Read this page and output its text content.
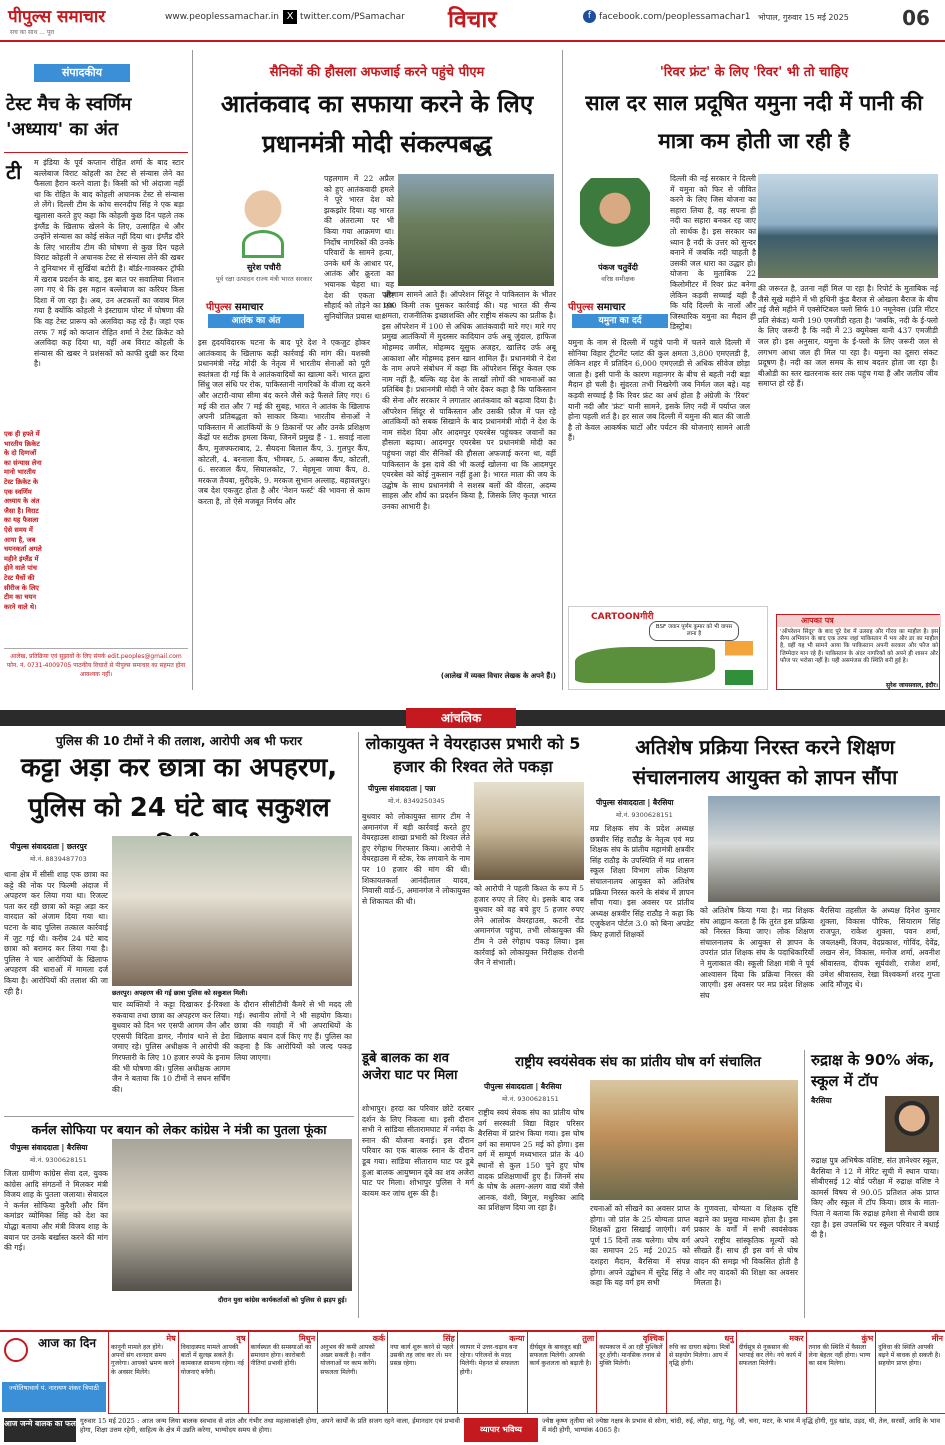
पीपुल्स समाचार
सच का साथ ... पूरा
www.peoplessamachar.in X twitter.com/PSamachar विचार	f facebook.com/peoplessamachar1 भोपाल, गुरुवार 15 मई 2025	06
संपादकीय
टेस्ट मैच के स्वर्णिम 'अध्याय' का अंत
टी	म इंडिया के पूर्व कप्तान रोहित शर्मा के बाद स्टार बल्लेबाज विराट कोहली का टेस्ट से संन्यास लेने का फैसला हैरान करने वाला है। किसी को भी अंदाजा नहीं था कि रोहित के बाद कोहली अचानक टेस्ट से संन्यास ले लेंगे। दिल्ली टीम के कोच सरनदीप सिंह ने एक बड़ा खुलासा करते हुए कहा कि कोहली कुछ दिन पहले तक इंग्लैंड के खिलाफ खेलने के लिए, उत्साहित थे और उन्होंने संन्यास का कोई संकेत नहीं दिया था। इंग्लैंड दौरे के लिए भारतीय टीम की घोषणा से कुछ दिन पहले विराट कोहली ने अचानक टेस्ट से संन्यास लेने की खबर ने दुनियाभर में सुर्खियां बटोरी है। बॉर्डर-गावस्कर ट्रॉफी में खराब प्रदर्शन के बाद, इस बात पर सवालिया निशान लग गए थे कि इस महान बल्लेबाज का करियर किस दिशा में जा रहा है। अब, उन अटकलों का जवाब मिल गया है क्योंकि कोहली ने इंस्टाग्राम पोस्ट में घोषणा की कि वह टेस्ट प्रारूप को अलविदा कह रहे हैं। जहां एक तरफ 7 मई को कप्तान रोहित शर्मा ने टेस्ट क्रिकेट को अलविदा कह दिया था, वहीं अब विराट कोहली के संन्यास की खबर ने प्रशंसकों को काफी दुखी कर दिया है।
आलेख, प्रतिक्रिया एवं सुझावों के लिए संपर्क edit.peoples@gmail.com फोन. नं. 0731-4009705 पाठकीय विचारों से पीपुल्स समाचार का सहमत होना आवश्यक नहीं।
एक ही हफ्ते में भारतीय क्रिकेट के दो दिग्गजों का संन्यास लेना मानो भारतीय टेस्ट क्रिकेट के एक स्वर्णिम अध्याय के अंत जैसा है। विराट का यह फैसला ऐसे समय में आया है, जब चयनकर्ता अगले महीने इंग्लैंड में होने वाले पांच टेस्ट मैचों की सीरीज के लिए टीम का चयन करने वाले थे।
सैनिकों की हौसला अफजाई करने पहुंचे पीएम
आतंकवाद का सफाया करने के लिए प्रधानमंत्री मोदी संकल्पबद्ध
सुरेश पचौरी
पूर्व रक्षा उत्पादन राज्य मंत्री भारत सरकार
पीपुल्स समाचार
आतंक का अंत
पहलगाम में 22 अप्रैल को हुए आतंकवादी हमले ने पूरे भारत देश को झकझोर दिया। यह भारत की अंतरात्मा पर भी किया गया आक्रमण था। निर्दोष नागरिकों की उनके परिवारों के सामने हत्या, उनके धर्म के आधार पर, आतंक और क्रूरता का भयानक चेहरा था। यह देश की एकता और सौहार्द को तोड़ने का एक सुनियोजित प्रयास था।
इस हृदयविदारक घटना के बाद पूरे देश ने एकजुट होकर आतंकवाद के खिलाफ कड़ी कार्रवाई की मांग की। यशस्वी प्रधानमंत्री नरेंद्र मोदी के नेतृत्व में भारतीय सेनाओं को पूरी स्वतंत्रता दी गई कि वे आतंकवादियों का खात्मा करें। भारत द्वारा सिंधु जल संधि पर रोक, पाकिस्तानी नागरिकों के वीजा रद्द करने और अटारी-वाघा सीमा बंद करने जैसे कड़े फैसले लिए गए। 6 मई की रात और 7 मई की सुबह, भारत ने आतंक के खिलाफ अपनी प्रतिबद्धता को साकार किया। भारतीय सेनाओं ने पाकिस्तान में आतंकियों के 9 ठिकानों पर और उनके प्रशिक्षण केंद्रों पर सटीक हमला किया, जिनमें प्रमुख हैं - 1. सवाई नाला कैंप, मुजफ्फराबाद, 2. सैयदना बिलाल कैंप, 3. गुलपुर कैंप, कोटली, 4. बरनाला कैंप, भीमबर, 5. अब्बास कैंप, कोटली, 6. सरजाल कैंप, सियालकोट, 7. मेहमूना जाया कैंप, 8. मरकज तैयबा, मुरीदके, 9. मरकज सुभान अल्लाह, बहावलपुर। जब देश एकजुट होता है और 'नेशन फर्स्ट' की भावना से काम करता है, तो ऐसे मजबूत निर्णय और
परिणाम सामने आते हैं। ऑपरेशन सिंदूर ने पाकिस्तान के भीतर 100 किमी तक घुसकर कार्रवाई की। यह भारत की सैन्य क्षमता, राजनीतिक इच्छाशक्ति और राष्ट्रीय संकल्प का प्रतीक है। इस ऑपरेशन में 100 से अधिक आतंकवादी मारे गए। मारे गए प्रमुख आतंकियों में मुदस्सर कादियान उर्फ अबू जुंदाल, हाफिज मोहम्मद जमील, मोहम्मद यूसुफ अजहर, खालिद उर्फ अबू आकाशा और मोहम्मद हसन खान शामिल हैं। प्रधानमंत्री ने देश के नाम अपने संबोधन में कहा कि ऑपरेशन सिंदूर केवल एक नाम नहीं है, बल्कि यह देश के लाखों लोगों की भावनाओं का प्रतिबिंब है। प्रधानमंत्री मोदी ने जोर देकर कहा है कि पाकिस्तान की सेना और सरकार ने लगातार आतंकवाद को बढ़ावा दिया है। ऑपरेशन सिंदूर से पाकिस्तान और उसकी फ़ौज में पल रहे आतंकियों को सबक सिखाने के बाद प्रधानमंत्री मोदी ने देश के नाम संदेश दिया और आदमपुर एयरबेस पहुंचकर जवानों का हौसला बढ़ाया। आदमपुर एयरबेस पर प्रधानमंत्री मोदी का पहुंचना जहां वीर सैनिकों की हौसला अफजाई करना था, वहीं पाकिस्तान के इस दावे की भी कलई खोलना था कि आदमपुर एयरबेस को कोई नुकसान नहीं हुआ है। भारत माता की जय के उद्घोष के साथ प्रधानमंत्री ने सशस्त्र बलों की वीरता, अदम्य साहस और शौर्य का प्रदर्शन किया है, जिसके लिए कृतज्ञ भारत उनका आभारी है।
(आलेख में व्यक्त विचार लेखक के अपने हैं।)
'रिवर फ्रंट' के लिए 'रिवर' भी तो चाहिए
साल दर साल प्रदूषित यमुना नदी में पानी की मात्रा कम होती जा रही है
पंकज चतुर्वेदी
वरिष्ठ समीक्षक
पीपुल्स समाचार
यमुना का दर्द
दिल्ली की नई सरकार ने दिल्ली में यमुना को फिर से जीवित करने के लिए जिस योजना का सहारा लिया है, वह सपना ही नदी का सहारा बनकर रह जाए तो सार्थक है। इस सरकार का ध्यान है नदी के उत्तर को सुन्दर बनाने में जबकि नदी चाहती है उसकी जल धारा का उद्धार हो। योजना के मुताबिक 22 किलोमीटर में रिवर फ्रंट बनेगा लेकिन कड़वी सच्चाई यही है कि यदि दिल्ली के नालों और जिस्थारिक यमुना का मैदान ही डिस्ट्रोब।
यमुना के नाम से दिल्ली में पहुंचे पानी में चलने वाले दिल्ली में सोनिया विहार ट्रीटमेंट प्लांट की कुल क्षमता 3,800 एमएलडी है, लेकिन शहर में प्रतिदिन 6,000 एमएलडी से अधिक सीवेज छोड़ा जाता है। इसी पानी के कारण महानगर के बीच से बहती नदी बड़ा मैदान हो चली है। सुंदरता तभी निखरेगी जब निर्मल जल बहे। यह कड़वी सच्चाई है कि रिवर फ्रंट का अर्थ होता है अंग्रेजी के 'रिवर' यानी नदी और 'फ्रंट' यानी सामने, इसके लिए नदी में पर्याप्त जल होना पहली शर्त है। हर साल जब दिल्ली में यमुना की बात की जाती है तो केवल आकर्षक घाटों और पर्यटन की योजनाएं सामने आती हैं।
की जरूरत है, उतना नहीं मिल पा रहा है। रिपोर्ट के मुताबिक नई जैसे सूखे महीने में भी हथिनी कुंड बैराज से ओखला बैराज के बीच नई जैसे महीने में एक्सेप्टिबल फ्लो सिर्फ 10 नमूनेवस (प्रति मीटर प्रति सेकंड) यानी 190 एमजीडी रहता है। 'जबकि, नदी के ई-फ्लो के लिए जरूरी है कि नदी में 23 क्यूमेक्स यानी 437 एमजीडी जल हो। इस अनुसार, यमुना के ई-फ्लो के लिए जरूरी जल से लगभग आधा जल ही मिल पा रहा है। यमुना का दूसरा संकट प्रदूषण है। नदी का जल समय के साथ बदतर होता जा रहा है। बीओडी का स्तर खतरनाक स्तर तक पहुंच गया है और जलीय जीव समाप्त हो रहे हैं।
CARTOONगीरी
BSF जवान पूर्णम कुमार को भी वापस लाना है
आपका पत्र
'ऑपरेशन सिंदूर' के बाद पूरे देश में उत्साह और गौरव का माहौल है। इस सैन्य अभियान के बाद एक तरफ जहां पाकिस्तान में भय और डर का माहौल है, वहीं यह भी सामने आया कि पाकिस्तान अपनी सरकार और फौज को जिम्मेदार मान रहे हैं। पाकिस्तान के अंदर नागरिकों को अपने ही शासन और फौज पर भरोसा नहीं है। यही असमंजस की स्थिति बनी हुई है।
सुरेश जायसवाल, इंदौर।
आंचलिक
पुलिस की 10 टीमों ने की तलाश, आरोपी अब भी फरार
कट्टा अड़ा कर छात्रा का अपहरण, पुलिस को 24 घंटे बाद सकुशल
पीपुल्स संवाददाता | छतरपुर
मो.नं. 8839487703
थाना क्षेत्र में सीसी शाह एक छात्रा का कट्टे की नोक पर फिल्मी अंदाज में अपहरण कर लिया गया था। रिजल्ट पता कर रही छात्रा को कट्टा अड़ा कर वारदात को अंजाम दिया गया था। घटना के बाद पुलिस तत्काल कार्रवाई में जुट गई थी। करीब 24 घंटे बाद छात्रा को बरामद कर लिया गया है। पुलिस ने चार आरोपियों के खिलाफ अपहरण की धाराओं में मामला दर्ज किया है। आरोपियों की तलाश की जा रही है।	छतरपुर। अपहरण की गई छात्रा पुलिस को सकुशल मिली।
चार व्यक्तियों ने कट्टा दिखाकर ई-रिक्शा रुकवाया तथा छात्रा का अपहरण कर लिया। बुधवार को दिन भर एसपी आगम जैन और एएसपी विदिता डागर, नौगांव थाने से डेरा जमाए रहे। पुलिस अधीक्षक ने आरोपी की गिरफ्तारी के लिए 10 हजार रुपये के इनाम की भी घोषणा की। पुलिस अधीक्षक आगम जैन ने बताया कि 10 टीमों ने सघन सर्चिंग की।
के दौरान सीसीटीवी कैमरे से भी मदद ली गई। स्थानीय लोगों ने भी सहयोग किया। छात्रा की गवाही में भी अपराधियों के खिलाफ बयान दर्ज किए गए हैं। पुलिस का कहना है कि आरोपियों को जल्द पकड़ लिया जाएगा।
कर्नल सोफिया पर बयान को लेकर कांग्रेस ने मंत्री का पुतला फूंका
पीपुल्स संवाददाता | बैरसिया
मो.नं. 9300628151
जिला ग्रामीण कांग्रेस सेवा दल, युवक कांग्रेस आदि संगठनों ने मिलकर मंत्री विजय शाह के पुतला जलाया। सेवादल ने कर्नल सोफिया कुरैशी और विंग कमांडर व्योमिका सिंह को देश का योद्धा बताया और मंत्री विजय शाह के बयान पर उनके बर्खास्त करने की मांग की गई।
दौरान युवा कांग्रेस कार्यकर्ताओं को पुलिस से झड़प हुई।
लोकायुक्त ने वेयरहाउस प्रभारी को 5 हजार की रिश्वत लेते पकड़ा
पीपुल्स संवाददाता | पन्ना
मो.नं. 8349250345
बुधवार को लोकायुक्त सागर टीम ने अमानगंज में बड़ी कार्रवाई करते हुए वेयरहाउस शाखा प्रभारी को रिश्वत लेते हुए रंगेहाथ गिरफ्तार किया। आरोपी ने वेयरहाउस में स्टेक, रेक लगवाने के नाम पर 10 हजार की मांग की थी। शिकायतकर्ता आनंदीलाल यादव, निवासी वार्ड-5, अमानगंज ने लोकायुक्त से शिकायत की थी।
को आरोपी ने पहली किश्त के रूप में 5 हजार रुपए ले लिए थे। इसके बाद जब बुधवार को वह बचे हुए 5 हजार रुपए लेने आलोक वेयरहाउस, कटनी रोड अमानगंज पहुंचा, तभी लोकायुक्त की टीम ने उसे रंगेहाथ पकड़ लिया। इस कार्रवाई को लोकायुक्त निरीक्षक रोशनी जैन ने संभाली।
डूबे बालक का शव अजेरा घाट पर मिला
शोभापुर। हरदा का परिवार छोटे दरबार दर्शन के लिए निकला था। इसी दौरान सभी ने सांडिया सीतारामघाट में नर्मदा के स्नान की योजना बनाई। इस दौरान परिवार का एक बालक स्नान के दौरान डूब गया। सांडिया सीताराम घाट पर डूबे हुआ बालक आयुष्मान दूबे का शव अजेरा घाट पर मिला। शोभापुर पुलिस ने मर्ग कायम कर जांच शुरू की है।
राष्ट्रीय स्वयंसेवक संघ का प्रांतीय घोष वर्ग संचालित
पीपुल्स संवाददाता | बैरसिया
मो.नं. 9300628151
राष्ट्रीय स्वयं सेवक संघ का प्रांतीय घोष वर्ग सरस्वती विद्या विहार परिसर बैरसिया में प्रारंभ किया गया। इस घोष वर्ग का समापन 25 मई को होगा। इस वर्ग में सम्पूर्ण मध्यभारत प्रांत के 40 स्थानों से कुल 150 चुने हुए घोष वादक प्रशिक्षणार्थी हुए हैं। जिनमें संघ के घोष के अलग-अलग वाद्य यंत्रों जैसे आनक, वंशी, बिगुल, मधुरिका आदि का प्रशिक्षण दिया जा रहा है।	रचनाओं को सीखने का अवसर प्राप्त होगा। जो प्रांत के 25 योग्यता प्राप्त शिक्षकों द्वारा सिखाई जाएंगी। वर्ग पूर्ण 15 दिनों तक चलेगा। घोष वर्ग का समापन 25 मई 2025 को दशहरा मैदान, बैरसिया में संपन्न होगा। अपने उद्बोधन में सुरेंद्र सिंह ने कहा कि यह वर्ग हम सभी
के गुणवत्ता, योग्यता व शिक्षक दृष्टि बढ़ाने का प्रमुख माध्यम होता है। इस प्रकार के वर्गों में सभी स्वयंसेवक अपने राष्ट्रीय सांस्कृतिक मूल्यों को सीखते हैं। साथ ही इस वर्ग से घोष वादन की समझ भी विकसित होती है और नए वादकों की शिक्षा का अवसर मिलता है।
अतिशेष प्रक्रिया निरस्त करने शिक्षण संचालनालय आयुक्त को ज्ञापन सौंपा
पीपुल्स संवाददाता | बैरसिया
मो.नं. 9300628151
मप्र शिक्षक संघ के प्रदेश अध्यक्ष छत्रवीर सिंह राठौड़ के नेतृत्व एवं मप्र शिक्षक संघ के प्रांतीय महामंत्री क्षत्रवीर सिंह राठौड़ के उपस्थिति में मप्र शासन स्कूल शिक्षा विभाग लोक शिक्षण संचालनालय आयुक्त को अतिशेष प्रक्रिया निरस्त करने के संबंध में ज्ञापन सौंपा गया। इस अवसर पर प्रांतीय अध्यक्ष क्षत्रवीर सिंह राठौड़ ने कहा कि एजुकेशन पोर्टल 3.0 को बिना अपडेट किए हजारों शिक्षकों
को अतिशेष किया गया है। मप्र शिक्षक संघ आह्वान करता है कि तुरंत इस प्रक्रिया को निरस्त किया जाए। लोक शिक्षण संचालनालय के आयुक्त से ज्ञापन के उपरांत प्रांत शिक्षक संघ के पदाधिकारियों ने मुलाकात की। स्कूली शिक्षा मंत्री ने पूर्व आश्वासन दिया कि प्रक्रिया निरस्त की जाएगी। इस अवसर पर मप्र प्रदेश शिक्षक संघ
बैरसिया तहसील के अध्यक्ष दिनेश कुमार शुक्ला, विकास पौरिक, सियाराम सिंह राजपूत, राकेश शुक्ला, पवन शर्मा, जयलक्ष्मी, विजय, वेदप्रकाश, गोविंद, देवेंद्र, लखन सेन, विकास, मनोज शर्मा, अवनीश श्रीवास्तव, दीपक सूर्यवंशी, राजेश शर्मा, उमेश श्रीवास्तव, रेखा विश्वकर्मा शरद गुप्ता आदि मौजूद थे।
रुद्राक्ष के 90% अंक, स्कूल में टॉप
बैरसिया
रुद्राक्ष पुत्र अभिषेक वशिष्ट, संत ज्ञानेश्वर स्कूल, बैरसिया ने 12 में मेरिट सूची में स्थान पाया। सीबीएसई 12 बोर्ड परीक्षा में रुद्राक्ष वशिष्ट ने कामर्स विषय से 90.05 प्रतिशत अंक प्राप्त किए और स्कूल में टॉप किया। छात्र के माता-पिता ने बताया कि रुद्राक्ष हमेशा से मेधावी छात्र रहा है। इस उपलब्धि पर स्कूल परिवार ने बधाई दी है।
आज का दिन
ज्योतिषाचार्य पं. नारायण शंकर त्रिपाठी
मेष
कानूनी मामले हल होंगे। अपनों संग शानदार समय गुजरेगा। आपको भ्रमण करने के अवसर मिलेंगे।
वृष
विवादास्पद मामले आपकी बातों में सुलझ सकते हैं। कामकाज सामान्य रहेगा। नई योजनाएं बनेंगी।
मिथुन
कार्यस्थल की समस्याओं का समाधान होगा। कारोबारी नीतियां प्रभावी होंगी।
कर्क
अनुभव की कमी आपको अखर सकती है। नवीन योजनाओं पर काम करेंगे। सफलता मिलेगी।
सिंह
नया कार्य शुरू करने से पहले उसकी तह जांच कर लें। मन प्रसन्न रहेगा।
कन्या
व्यापार में उत्तर-चढ़ाव बना रहेगा। परिजनों के मदद मिलेगी। मेहनत से सफलता होगी।
तुला
दीर्घसूत्र के बावजूद बड़ी सफलता मिलेगी। आपकी कार्य कुशलता को बढ़ाती है।
वृश्चिक
कामकाज में आ रही मुश्किलें दूर होंगी। मानसिक तनाव से मुक्ति मिलेगी।
धनु
रुचि का दायरा बढ़ेगा। मित्रों से सहयोग मिलेगा। आय में वृद्धि होगी।
मकर
दीर्घसूत्र से नुकसान की भरपाई कर लेंगे। नये कार्य में सफलता मिलेगी।
कुंभ
तनाव की स्थिति में फैसला लेना बेहतर नहीं होगा। भाग्य का साथ मिलेगा।
मीन
दुविधा की स्थिति आपकी बढ़ने में बाधक हो सकती है। सहयोग प्राप्त होगा।
आज जन्मे बालक का फल गुरुवार 15 मई 2025 : आज जन्म लिया बालक स्वभाव से शांत और गंभीर तथा महत्वाकांक्षी होगा, अपने कार्यों के प्रति सजग रहने वाला, ईमानदार एवं प्रभावी होगा, शिक्षा उत्तम रहेगी, साहित्य के क्षेत्र में उन्नति करेगा, भाग्योदय समय से होगा।	व्यापार भविष्य
ज्येष्ठ कृष्ण तृतीया को ज्येष्ठा नक्षत्र के प्रभाव से सोना, चांदी, रुई, लोहा, धातु, गेहूं, जौ, चना, मटर, के भाव में वृद्धि होगी, गुड़ खांड, उड़द, घी, तेल, सरसों, आदि के भाव में मंदी होगी, भाग्यांक 4065 है।
